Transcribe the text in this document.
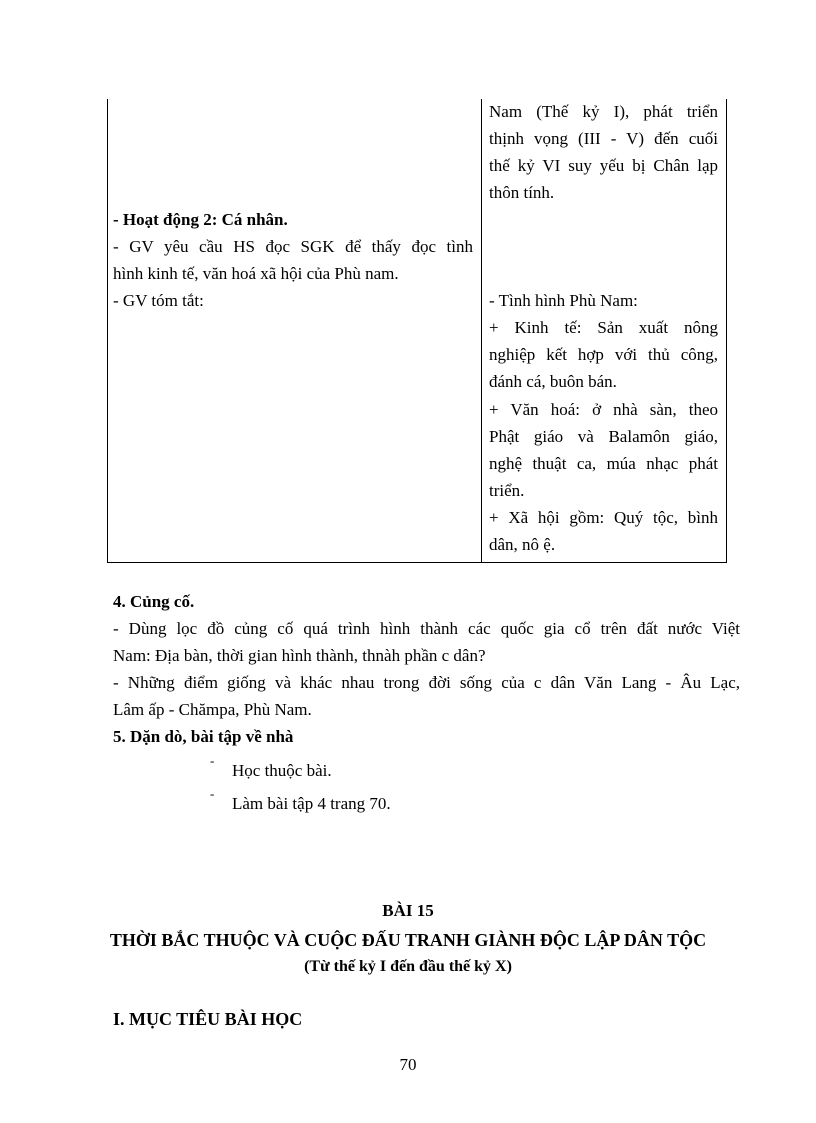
Nam (Thế kỷ I), phát triển
thịnh vọng (III - V) đến cuối
thế kỷ VI suy yếu bị Chân lạp
thôn tính.
- Tình hình Phù Nam:
+ Kinh tế: Sản xuất nông
nghiệp kết hợp với thủ công,
đánh cá, buôn bán.
+ Văn hoá: ở nhà sàn, theo
Phật giáo và Balamôn giáo,
nghệ thuật ca, múa nhạc phát
triển.
+ Xã hội gồm: Quý tộc, bình
dân, nô ệ.
- Hoạt động 2: Cá nhân.
- GV yêu cầu HS đọc SGK để thấy đọc tình
hình kinh tế, văn hoá xã hội của Phù nam.
- GV tóm tắt:
4. Củng cố.
- Dùng lọc đồ củng cố quá trình hình thành các quốc gia cổ trên đất nước Việt
Nam: Địa bàn, thời gian hình thành, thnàh phần c dân?
- Những điểm giống và khác nhau trong đời sống của c dân Văn Lang - Âu Lạc,
Lâm ấp - Chămpa, Phù Nam.
5. Dặn dò, bài tập về nhà
-
Học thuộc bài.
-
Làm bài tập 4 trang 70.
BÀI 15
THỜI BẮC THUỘC VÀ CUỘC ĐẤU TRANH GIÀNH ĐỘC LẬP DÂN TỘC
(Từ thế kỷ I đến đầu thế kỷ X)
I. MỤC TIÊU BÀI HỌC
70
